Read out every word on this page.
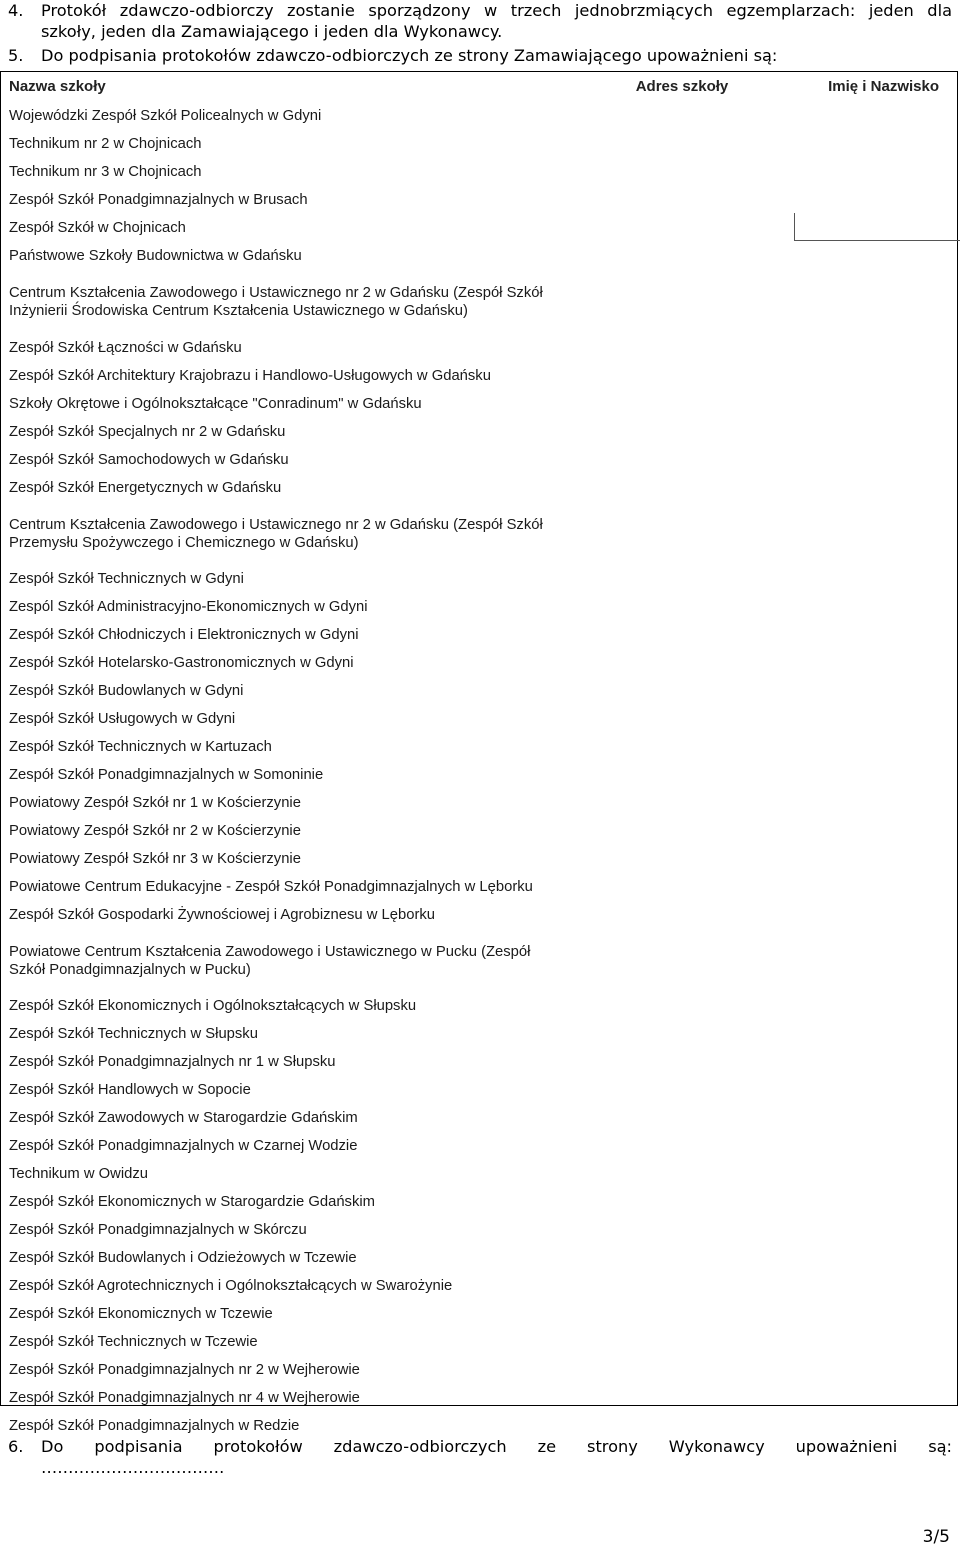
4.	Protokół zdawczo-odbiorczy zostanie sporządzony w trzech jednobrzmiących egzemplarzach: jeden dla
szkoły, jeden dla Zamawiającego i jeden dla Wykonawcy.
5. Do podpisania protokołów zdawczo-odbiorczych ze strony Zamawiającego upoważnieni są:
Nazwa szkoły	Adres szkoły	Imię i Nazwisko
Wojewódzki Zespół Szkół Policealnych w Gdyni		
Technikum nr 2 w Chojnicach		
Technikum nr 3 w Chojnicach		
Zespół Szkół Ponadgimnazjalnych w Brusach		
Zespół Szkół w Chojnicach		
Państwowe Szkoły Budownictwa w Gdańsku		
Centrum Kształcenia Zawodowego i Ustawicznego nr 2 w Gdańsku (Zespół Szkół Inżynierii Środowiska Centrum Kształcenia Ustawicznego w Gdańsku)		
Zespół Szkół Łączności w Gdańsku		
Zespół Szkół Architektury Krajobrazu i Handlowo-Usługowych w Gdańsku		
Szkoły Okrętowe i Ogólnokształcące "Conradinum" w Gdańsku		
Zespół Szkół Specjalnych nr 2 w Gdańsku		
Zespół Szkół Samochodowych w Gdańsku		
Zespół Szkół Energetycznych w Gdańsku		
Centrum Kształcenia Zawodowego i Ustawicznego nr 2 w Gdańsku (Zespół Szkół Przemysłu Spożywczego i Chemicznego w Gdańsku)		
Zespół Szkół Technicznych w Gdyni		
Zespól Szkół Administracyjno-Ekonomicznych w Gdyni		
Zespół Szkół Chłodniczych i Elektronicznych w Gdyni		
Zespół Szkół Hotelarsko-Gastronomicznych w Gdyni		
Zespół Szkół Budowlanych w Gdyni		
Zespół Szkół Usługowych w Gdyni		
Zespół Szkół Technicznych w Kartuzach		
Zespół Szkół Ponadgimnazjalnych w Somoninie		
Powiatowy Zespół Szkół nr 1 w Kościerzynie		
Powiatowy Zespół Szkół nr 2 w Kościerzynie		
Powiatowy Zespół Szkół nr 3 w Kościerzynie		
Powiatowe Centrum Edukacyjne - Zespół Szkół Ponadgimnazjalnych w Lęborku		
Zespół Szkół Gospodarki Żywnościowej i Agrobiznesu w Lęborku		
Powiatowe Centrum Kształcenia Zawodowego i Ustawicznego w Pucku (Zespół Szkół Ponadgimnazjalnych w Pucku)		
Zespół Szkół Ekonomicznych i Ogólnokształcących w Słupsku		
Zespół Szkół Technicznych w Słupsku		
Zespół Szkół Ponadgimnazjalnych nr 1 w Słupsku		
Zespół Szkół Handlowych w Sopocie		
Zespół Szkół Zawodowych w Starogardzie Gdańskim		
Zespół Szkół Ponadgimnazjalnych w Czarnej Wodzie		
Technikum w Owidzu		
Zespół Szkół Ekonomicznych w Starogardzie Gdańskim		
Zespół Szkół Ponadgimnazjalnych w Skórczu		
Zespół Szkół Budowlanych i Odzieżowych w Tczewie		
Zespół Szkół Agrotechnicznych i Ogólnokształcących w Swarożynie		
Zespół Szkół Ekonomicznych w Tczewie		
Zespół Szkół Technicznych w Tczewie		
Zespół Szkół Ponadgimnazjalnych nr 2 w Wejherowie		
Zespół Szkół Ponadgimnazjalnych nr 4 w Wejherowie		
Zespół Szkół Ponadgimnazjalnych w Redzie		
6.	Do podpisania protokołów zdawczo-odbiorczych ze strony Wykonawcy upoważnieni są:
…………………………….
3/5
